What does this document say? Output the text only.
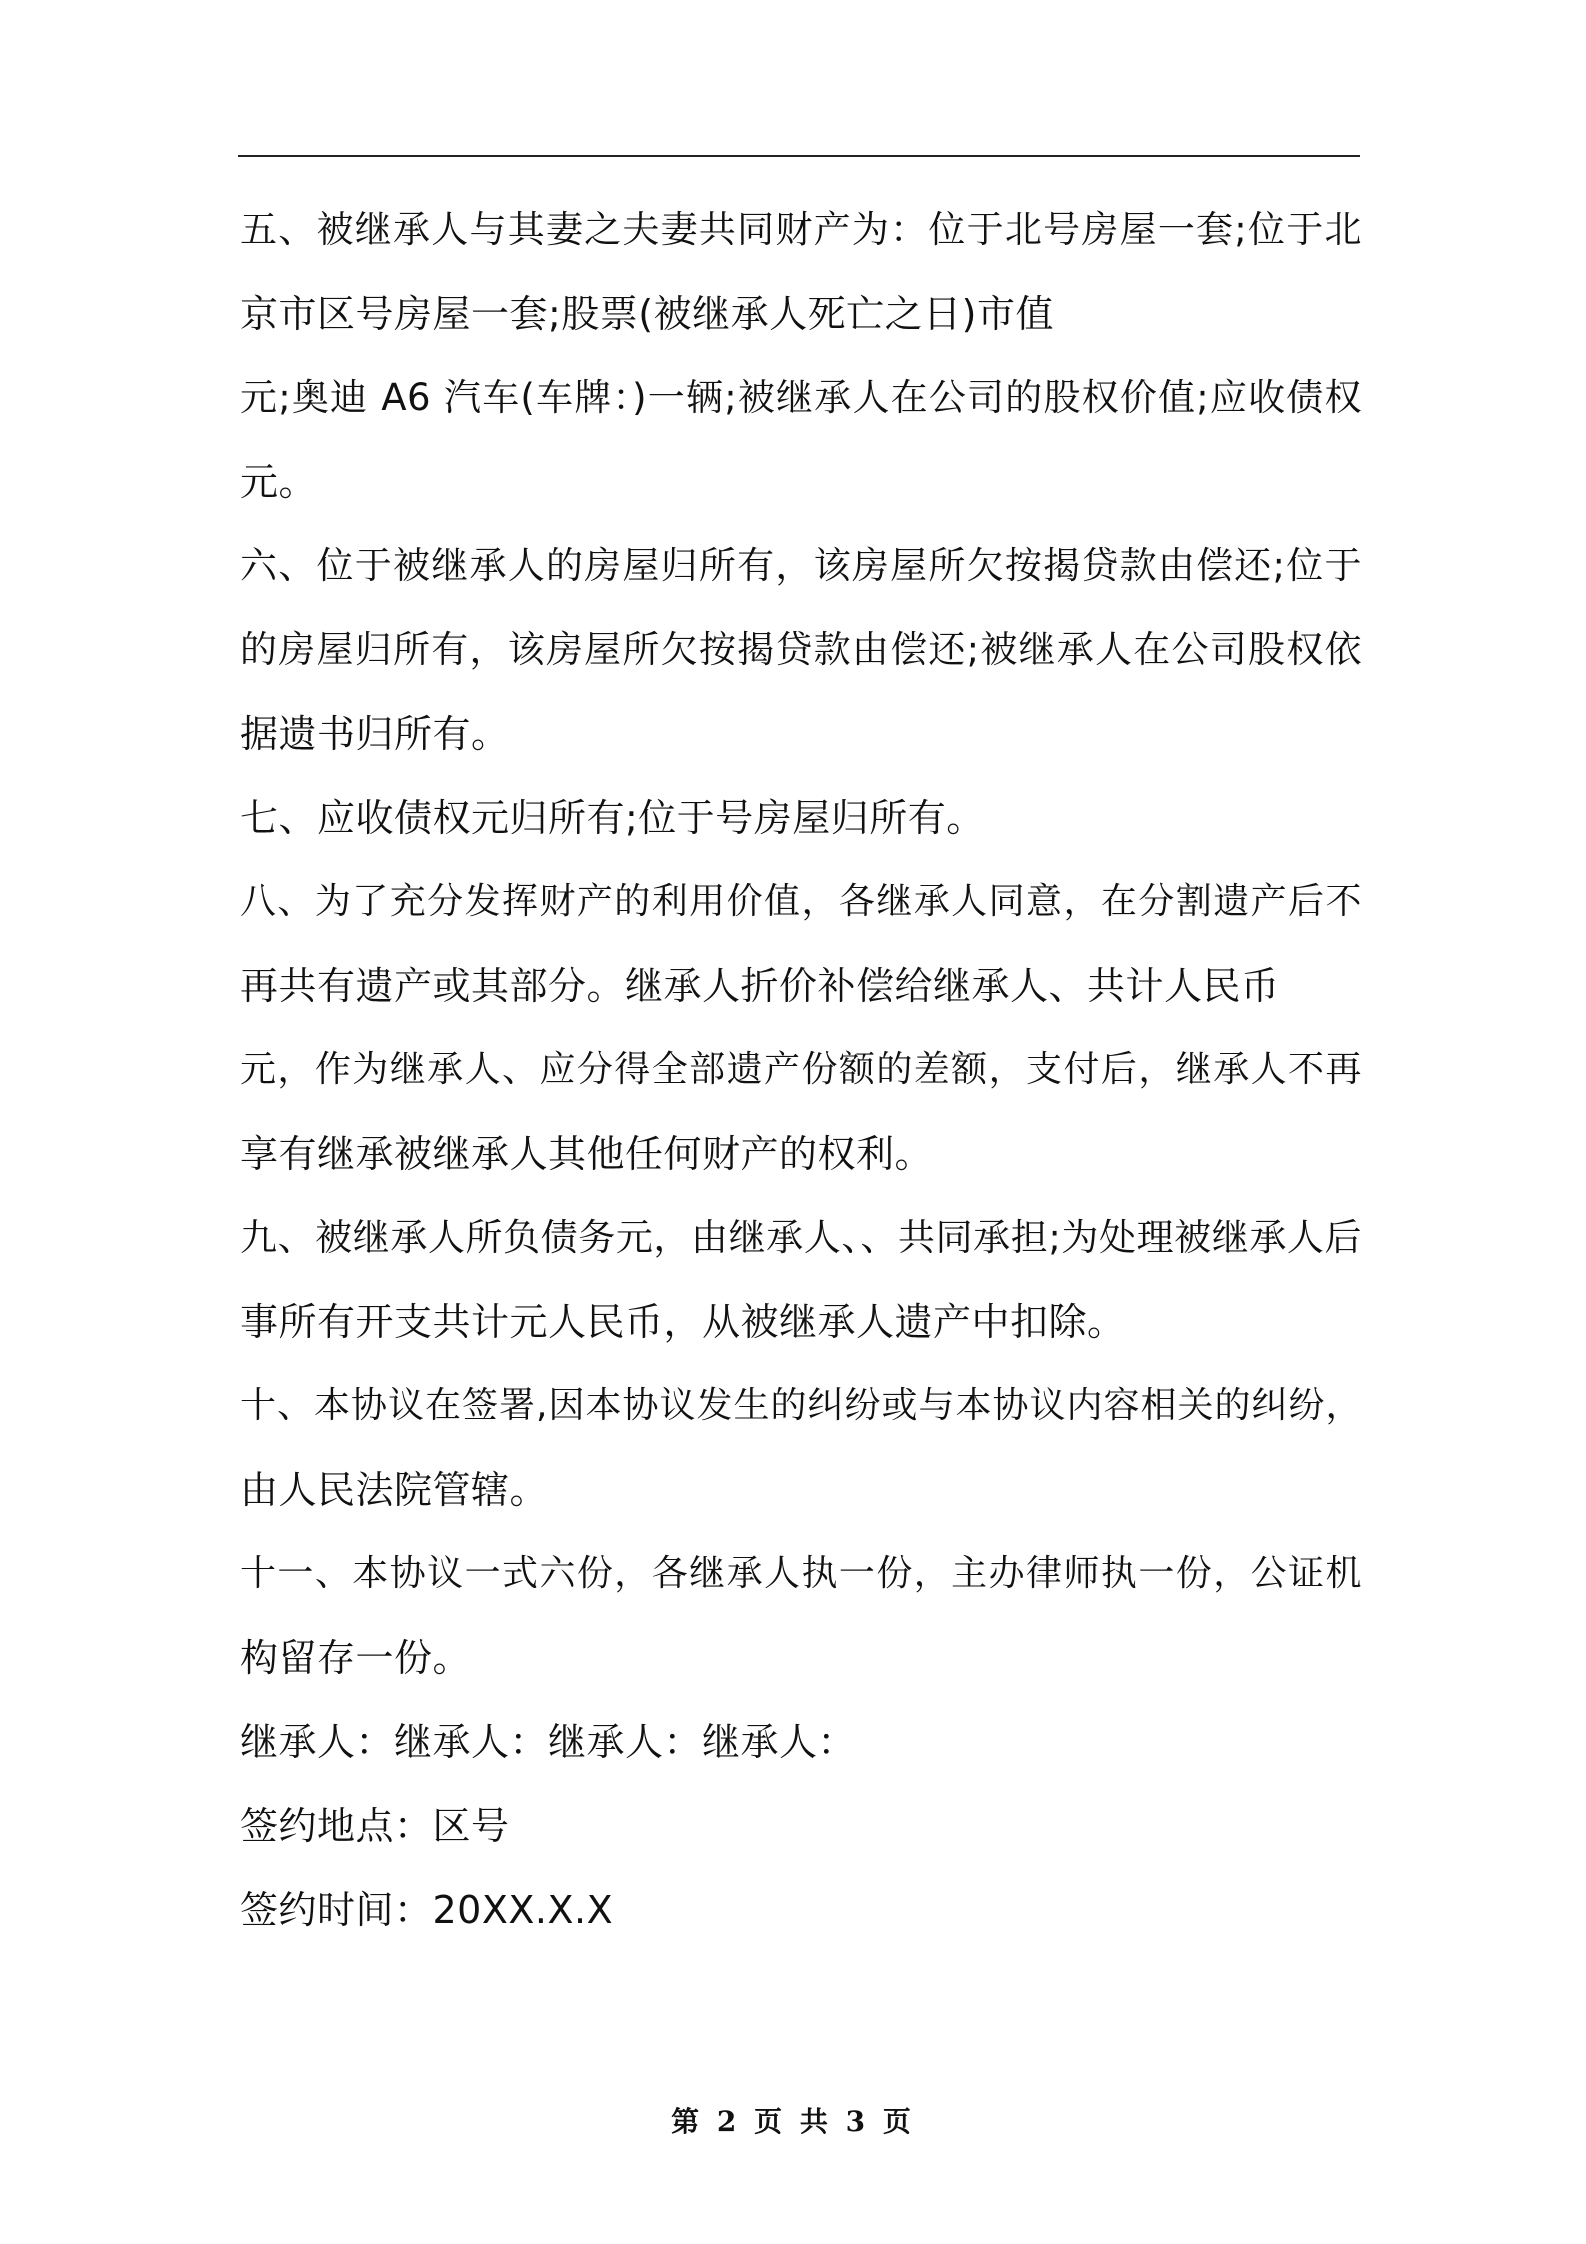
五、被继承人与其妻之夫妻共同财产为：位于北号房屋一套;位于北
京市区号房屋一套;股票(被继承人死亡之日)市值
元;奥迪 A6 汽车(车牌：)一辆;被继承人在公司的股权价值;应收债权
元。
六、位于被继承人的房屋归所有，该房屋所欠按揭贷款由偿还;位于
的房屋归所有，该房屋所欠按揭贷款由偿还;被继承人在公司股权依
据遗书归所有。
七、应收债权元归所有;位于号房屋归所有。
八、为了充分发挥财产的利用价值，各继承人同意，在分割遗产后不
再共有遗产或其部分。继承人折价补偿给继承人、共计人民币
元，作为继承人、应分得全部遗产份额的差额，支付后，继承人不再
享有继承被继承人其他任何财产的权利。
九、被继承人所负债务元，由继承人、、共同承担;为处理被继承人后
事所有开支共计元人民币，从被继承人遗产中扣除。
十、本协议在签署,因本协议发生的纠纷或与本协议内容相关的纠纷，
由人民法院管辖。
十一、本协议一式六份，各继承人执一份，主办律师执一份，公证机
构留存一份。
继承人：继承人：继承人：继承人：
签约地点：区号
签约时间：20XX.X.X
第 2 页 共 3 页
